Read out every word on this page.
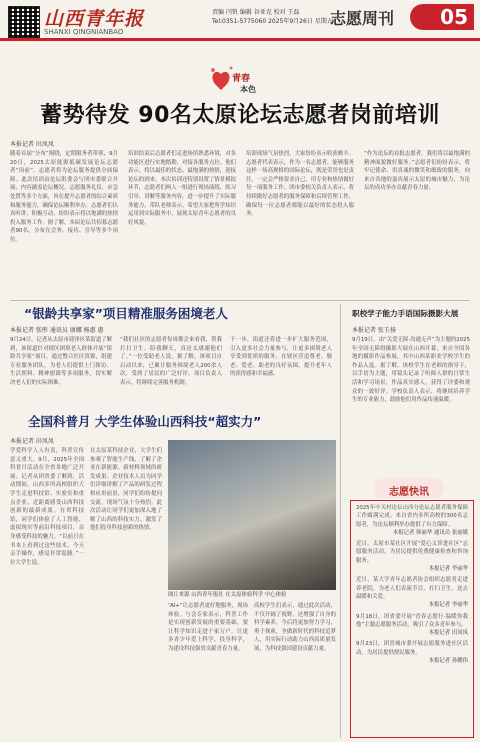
山西青年报
SHANXI QINGNIANBAO
责编 闫钒 编辑 谷亚克 校对 王磊
Tel:0351-5775060 2025年9月26日 星期五
志愿周刊	05
青春
本色
蓄势待发 90名太原论坛志愿者岗前培训
本报记者 田凤凤
随着首届“分布”揭晓，定期服务者带领，9月20日，2025太原能源低碳发展论坛志愿者“岗前”，志愿者将为论坛服务提供全面保障。此次培训由论坛组委会与团市委联合开展，内容涵盖论坛概况、志愿服务礼仪、应急处置等多个方面，旨在提升志愿者的综合素质和服务能力，确保论坛顺利举办。志愿者们认真听讲、积极互动，纷纷表示将以饱满的热情投入服务工作。据了解，本届论坛共招募志愿者90名，分布在会务、接待、引导等多个岗位。
培训结束后志愿者们走进场馆熟悉环境，对各功能区进行实地踏勘，对接各服务点位。他们表示，将以最佳的状态、最饱满的热情，迎接论坛的到来。本次培训还特别设置了情景模拟环节，志愿者们两人一组进行现场演练，练习引导、讲解等服务内容，进一步提升了实际服务能力。带队老师表示，希望大家把所学知识运用到实际服务中，展现太原青年志愿者的良好风貌。
培训现场气氛热烈，大家纷纷表示收获颇丰。志愿者代表表示，作为一名志愿者，能够服务这样一场高规格的国际论坛，既是荣誉也是责任，一定会严格要求自己，用专业和热情做好每一项服务工作。团市委相关负责人表示，将持续做好志愿者的服务保障和后续管理工作，确保每一位志愿者都能以最好的状态投入服务。
“作为论坛的首批志愿者，我们将以最饱满的精神面貌做好服务。”志愿者们纷纷表示，将牢记使命，用真诚的微笑和细致的服务，向来自各地的嘉宾展示太原的城市魅力，为论坛的成功举办贡献青春力量。
“银龄共享家”项目精准服务困境老人
本报记者 张彤 通讯员 康娜 杨惠 惠
9月24日，记者从太原市迎泽区某街道了解到，该街道针对辖区困境老人群体开展“银龄共享家”项目，通过整合社区资源，组建专业服务团队，为老人们提供上门探访、生活照料、精神慰藉等多项服务，切实解决老人们的实际困难。
“我们社区的志愿者每周都会来看我，帮我打扫卫生、陪我聊天，真是太感谢他们了。”一位受助老人说。据了解，该项目自启动以来，已累计服务困境老人200余人次，受到了居民的广泛好评。项目负责人表示，将继续完善服务机制。
下一步，街道还将进一步扩大服务范围，引入更多社会力量参与，让更多困境老人享受到优质的服务，在辖区营造尊老、敬老、爱老、助老的良好氛围，提升老年人的获得感和幸福感。
全国科普月 大学生体验山西科技“超实力”
本报记者 田凤凤
学爱科学人人有责，科普宣传意义重大。9月，2025年全国科普月活动在全省各地广泛开展。记者从团省委了解到，活动期间，山西多所高校组织大学生走进科技馆、实验室和重点企业，近距离感受山西科技创新的最新成果。在省科技馆，同学们体验了人工智能、虚拟现实等前沿科技项目，亲身感受科技的魅力。“以前只在书本上看到过这些技术，今天亲手操作，感觉非常震撼。”一位大学生说。
在太原某科技企业，大学生们参观了智能生产线，了解了企业在新能源、新材料领域的研发成果。企业技术人员为同学们详细讲解了产品的研发过程和应用前景，同学们纷纷提问交流，现场气氛十分热烈。此次活动让同学们更加深入地了解了山西的科技实力，激发了他们投身科技创新的热情。
图片来源 山西青年报社 在太原体验科学 中心体验
“AI+”让志愿者更好地服务，现场体验。与会专家表示，科普工作是实现创新发展的重要基础，要让科学知识走进千家万户，让更多青少年爱上科学、投身科学，为建设科技强省贡献青春力量。
高校学生们表示，通过此次活动，不仅开阔了视野，还增强了自身的科学素养，今后将更加努力学习，勇于探索，争做新时代的科技追梦人，用实际行动助力山西高质量发展，为科技强国建设贡献力量。
职校学子能力手语国际摄影大展
本报记者 张玉扬
9月19日，由“关爱无障·沟通无声”为主题的2025年全国无障碍摄影大展在山西开幕，来自全国各地的摄影作品参展，其中山西某职业学校学生的作品入选。据了解，该校学生在老师的指导下，以手语为主题，用镜头记录了听障人群的日常生活和学习场景，作品真实感人，获得了评委和观众的一致好评。学校负责人表示，将继续培养学生的专业能力，鼓励他们用作品传递温暖。
志愿快讯
2025年中关村论坛山西分论坛志愿者服务保障工作圆满完成。来自省内多所高校的300名志愿者，为论坛顺利举办提供了有力保障。
本报记者 韩丽华 通讯员 张丽媛
近日，太原市某社区开展“爱心义诊进社区”志愿服务活动，为居民提供免费健康检查和咨询服务。
本报记者 李丽华
近日，某大学青年志愿者协会组织志愿者走进养老院，为老人们表演节目、打扫卫生，送去温暖和关爱。
本报记者 李丽华
9月18日，团省委开展“青春志愿行·温暖你我他”主题志愿服务活动，吸引了众多青年参与。
本报记者 田凤凤
9月23日，团晋城市委开展志愿服务进社区活动，为居民提供便民服务。
本报记者 孙鹏伟
